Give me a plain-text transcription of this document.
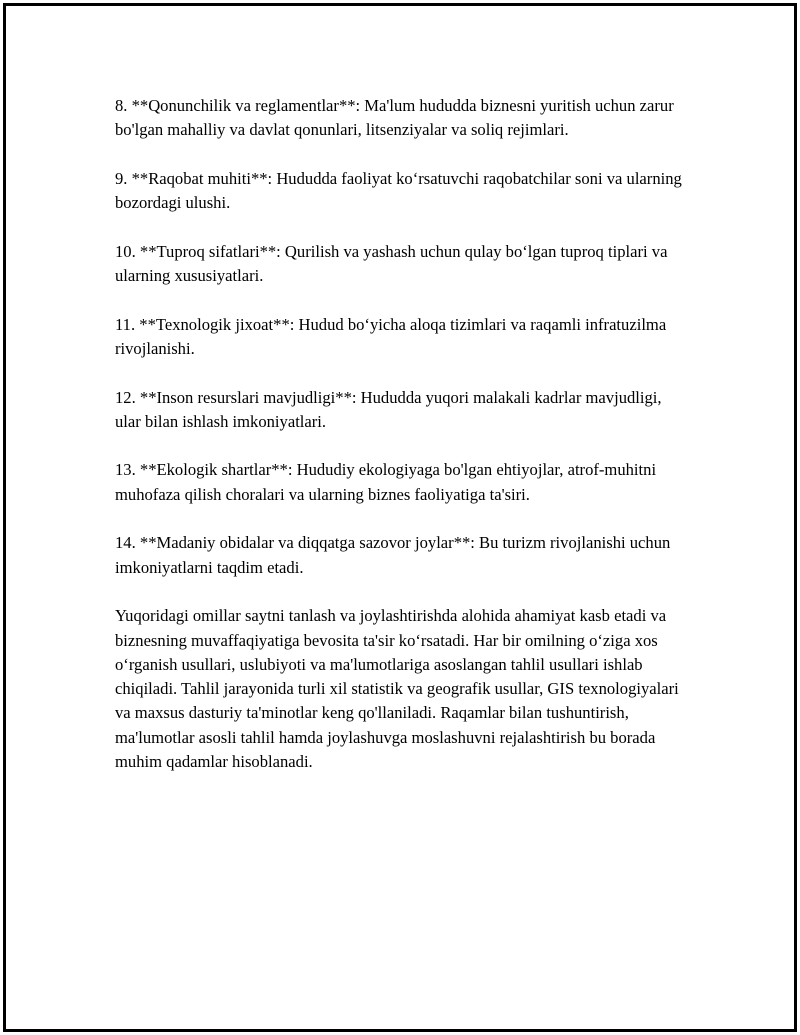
8. **Qonunchilik va reglamentlar**: Ma'lum hududda biznesni yuritish uchun zarur bo'lgan mahalliy va davlat qonunlari, litsenziyalar va soliq rejimlari.

9. **Raqobat muhiti**: Hududda faoliyat ko‘rsatuvchi raqobatchilar soni va ularning bozordagi ulushi.

10. **Tuproq sifatlari**: Qurilish va yashash uchun qulay bo‘lgan tuproq tiplari va ularning xususiyatlari.

11. **Texnologik jixoat**: Hudud bo‘yicha aloqa tizimlari va raqamli infratuzilma rivojlanishi.

12. **Inson resurslari mavjudligi**: Hududda yuqori malakali kadrlar mavjudligi, ular bilan ishlash imkoniyatlari.

13. **Ekologik shartlar**: Hududiy ekologiyaga bo'lgan ehtiyojlar, atrof-muhitni muhofaza qilish choralari va ularning biznes faoliyatiga ta'siri.

14. **Madaniy obidalar va diqqatga sazovor joylar**: Bu turizm rivojlanishi uchun imkoniyatlarni taqdim etadi.

Yuqoridagi omillar saytni tanlash va joylashtirishda alohida ahamiyat kasb etadi va biznesning muvaffaqiyatiga bevosita ta'sir ko‘rsatadi. Har bir omilning o‘ziga xos o‘rganish usullari, uslubiyoti va ma'lumotlariga asoslangan tahlil usullari ishlab chiqiladi. Tahlil jarayonida turli xil statistik va geografik usullar, GIS texnologiyalari va maxsus dasturiy ta'minotlar keng qo'llaniladi. Raqamlar bilan tushuntirish, ma'lumotlar asosli tahlil hamda joylashuvga moslashuvni rejalashtirish bu borada muhim qadamlar hisoblanadi.
